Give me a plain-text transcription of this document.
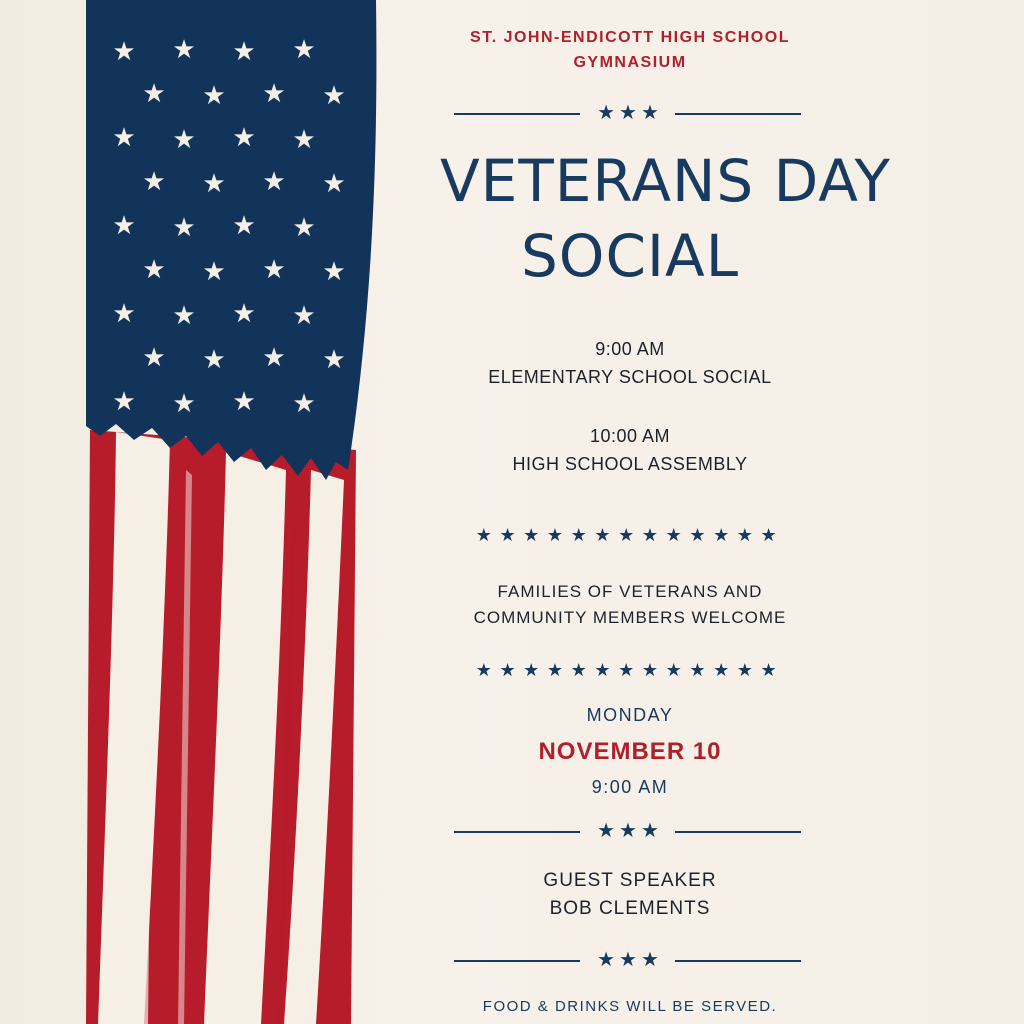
★ ★ ★ ★
★ ★ ★ ★
★ ★ ★ ★
★ ★ ★ ★
★ ★ ★ ★
★ ★ ★ ★
★ ★ ★ ★
★ ★ ★ ★
★ ★ ★ ★
ST. JOHN-ENDICOTT HIGH SCHOOL
GYMNASIUM
★★★
VETERANS DAY
SOCIAL
9:00 AM
ELEMENTARY SCHOOL SOCIAL
10:00 AM
HIGH SCHOOL ASSEMBLY
★★★★★★★★★★★★★
FAMILIES OF VETERANS AND
COMMUNITY MEMBERS WELCOME
★★★★★★★★★★★★★
MONDAY
NOVEMBER 10
9:00 AM
★★★
GUEST SPEAKER
BOB CLEMENTS
★★★
FOOD & DRINKS WILL BE SERVED.
